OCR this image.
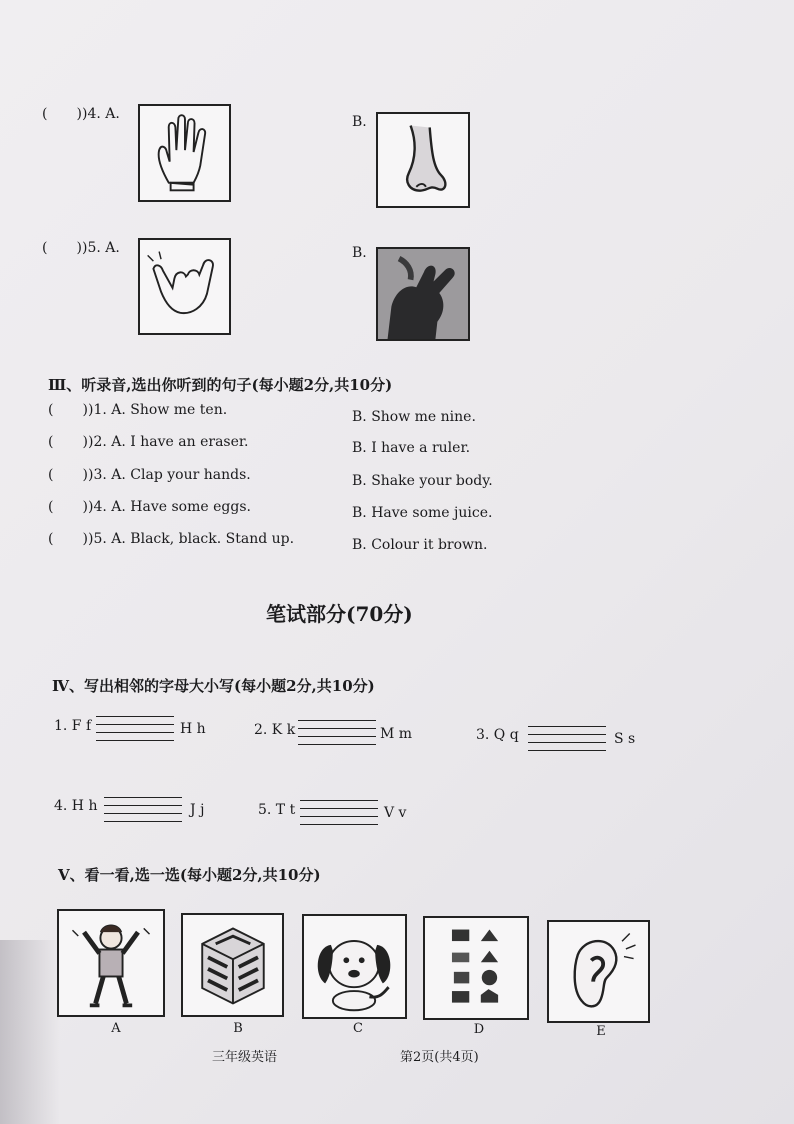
( ))4. A.	B.
( ))5. A.	B.
Ⅲ、听录音,选出你听到的句子(每小题2分,共10分)
( ))1. A. Show me ten.	B. Show me nine.
( ))2. A. I have an eraser.	B. I have a ruler.
( ))3. A. Clap your hands.	B. Shake your body.
( ))4. A. Have some eggs.	B. Have some juice.
( ))5. A. Black, black. Stand up.	B. Colour it brown.
笔试部分(70分)
Ⅳ、写出相邻的字母大小写(每小题2分,共10分)
1. F f	H h	2. K k	M m	3. Q q	S s
4. H h	J j	5. T t	V v
Ⅴ、看一看,选一选(每小题2分,共10分)
A	B	C	D	E
三年级英语	第2页(共4页)
